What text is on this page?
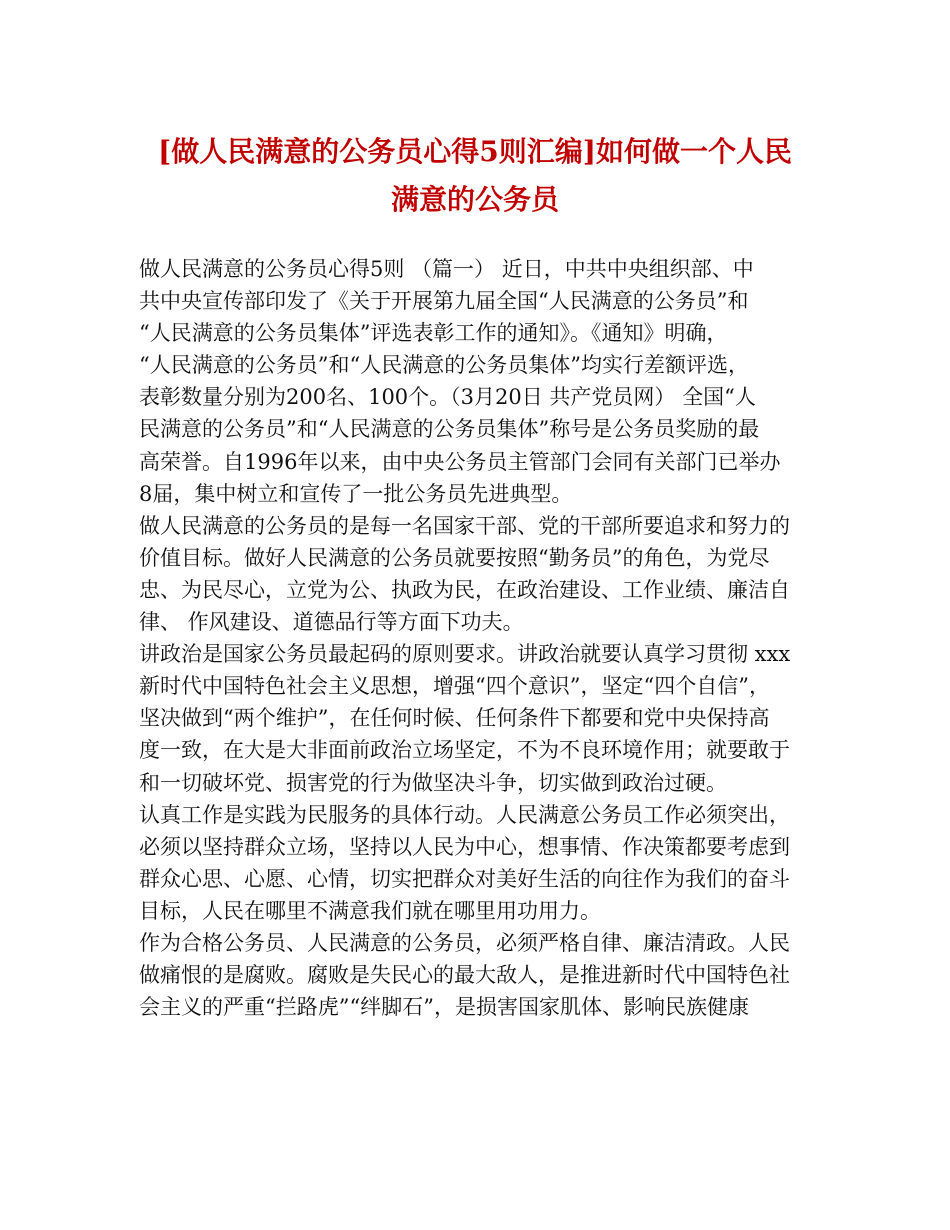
[做人民满意的公务员心得5则汇编]如何做一个人民
满意的公务员
做人民满意的公务员心得5则 （篇一） 近日，中共中央组织部、中
共中央宣传部印发了《关于开展第九届全国“人民满意的公务员”和
“人民满意的公务员集体”评选表彰工作的通知》。《通知》明确，
“人民满意的公务员”和“人民满意的公务员集体”均实行差额评选，
表彰数量分别为200名、100个。（3月20日 共产党员网） 全国“人
民满意的公务员”和“人民满意的公务员集体”称号是公务员奖励的最
高荣誉。自1996年以来，由中央公务员主管部门会同有关部门已举办
8届，集中树立和宣传了一批公务员先进典型。
做人民满意的公务员的是每一名国家干部、党的干部所要追求和努力的
价值目标。做好人民满意的公务员就要按照“勤务员”的角色，为党尽
忠、为民尽心，立党为公、执政为民，在政治建设、工作业绩、廉洁自
律、 作风建设、道德品行等方面下功夫。
讲政治是国家公务员最起码的原则要求。讲政治就要认真学习贯彻 xxx
新时代中国特色社会主义思想，增强“四个意识”，坚定“四个自信”，
坚决做到“两个维护”，在任何时候、任何条件下都要和党中央保持高
度一致，在大是大非面前政治立场坚定，不为不良环境作用；就要敢于
和一切破坏党、损害党的行为做坚决斗争，切实做到政治过硬。
认真工作是实践为民服务的具体行动。人民满意公务员工作必须突出，
必须以坚持群众立场，坚持以人民为中心，想事情、作决策都要考虑到
群众心思、心愿、心情，切实把群众对美好生活的向往作为我们的奋斗
目标，人民在哪里不满意我们就在哪里用功用力。
作为合格公务员、人民满意的公务员，必须严格自律、廉洁清政。人民
做痛恨的是腐败。腐败是失民心的最大敌人，是推进新时代中国特色社
会主义的严重“拦路虎”“绊脚石”，是损害国家肌体、影响民族健康
